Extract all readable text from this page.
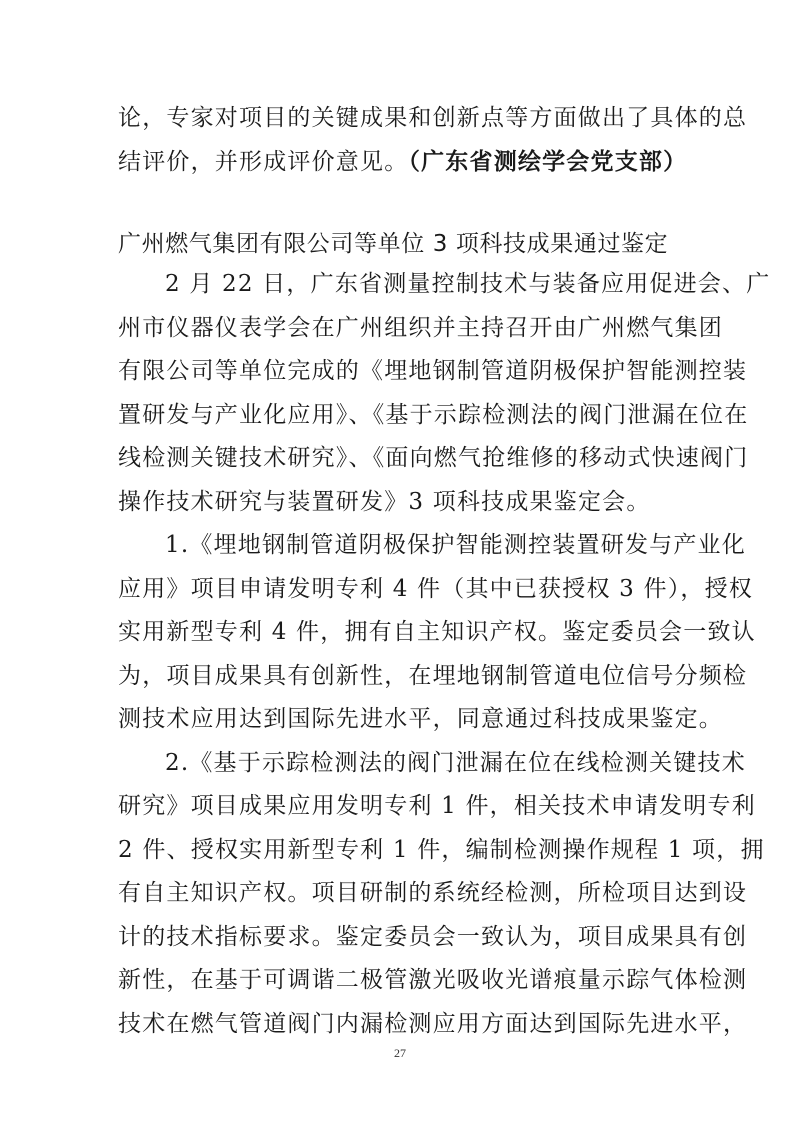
论，专家对项目的关键成果和创新点等方面做出了具体的总
结评价，并形成评价意见。（广东省测绘学会党支部）
广州燃气集团有限公司等单位 3 项科技成果通过鉴定
2 月 22 日，广东省测量控制技术与装备应用促进会、广
州市仪器仪表学会在广州组织并主持召开由广州燃气集团
有限公司等单位完成的《埋地钢制管道阴极保护智能测控装
置研发与产业化应用》、《基于示踪检测法的阀门泄漏在位在
线检测关键技术研究》、《面向燃气抢维修的移动式快速阀门
操作技术研究与装置研发》3 项科技成果鉴定会。
1.《埋地钢制管道阴极保护智能测控装置研发与产业化
应用》项目申请发明专利 4 件（其中已获授权 3 件），授权
实用新型专利 4 件，拥有自主知识产权。鉴定委员会一致认
为，项目成果具有创新性，在埋地钢制管道电位信号分频检
测技术应用达到国际先进水平，同意通过科技成果鉴定。
2.《基于示踪检测法的阀门泄漏在位在线检测关键技术
研究》项目成果应用发明专利 1 件，相关技术申请发明专利
2 件、授权实用新型专利 1 件，编制检测操作规程 1 项，拥
有自主知识产权。项目研制的系统经检测，所检项目达到设
计的技术指标要求。鉴定委员会一致认为，项目成果具有创
新性，在基于可调谐二极管激光吸收光谱痕量示踪气体检测
技术在燃气管道阀门内漏检测应用方面达到国际先进水平，
27
